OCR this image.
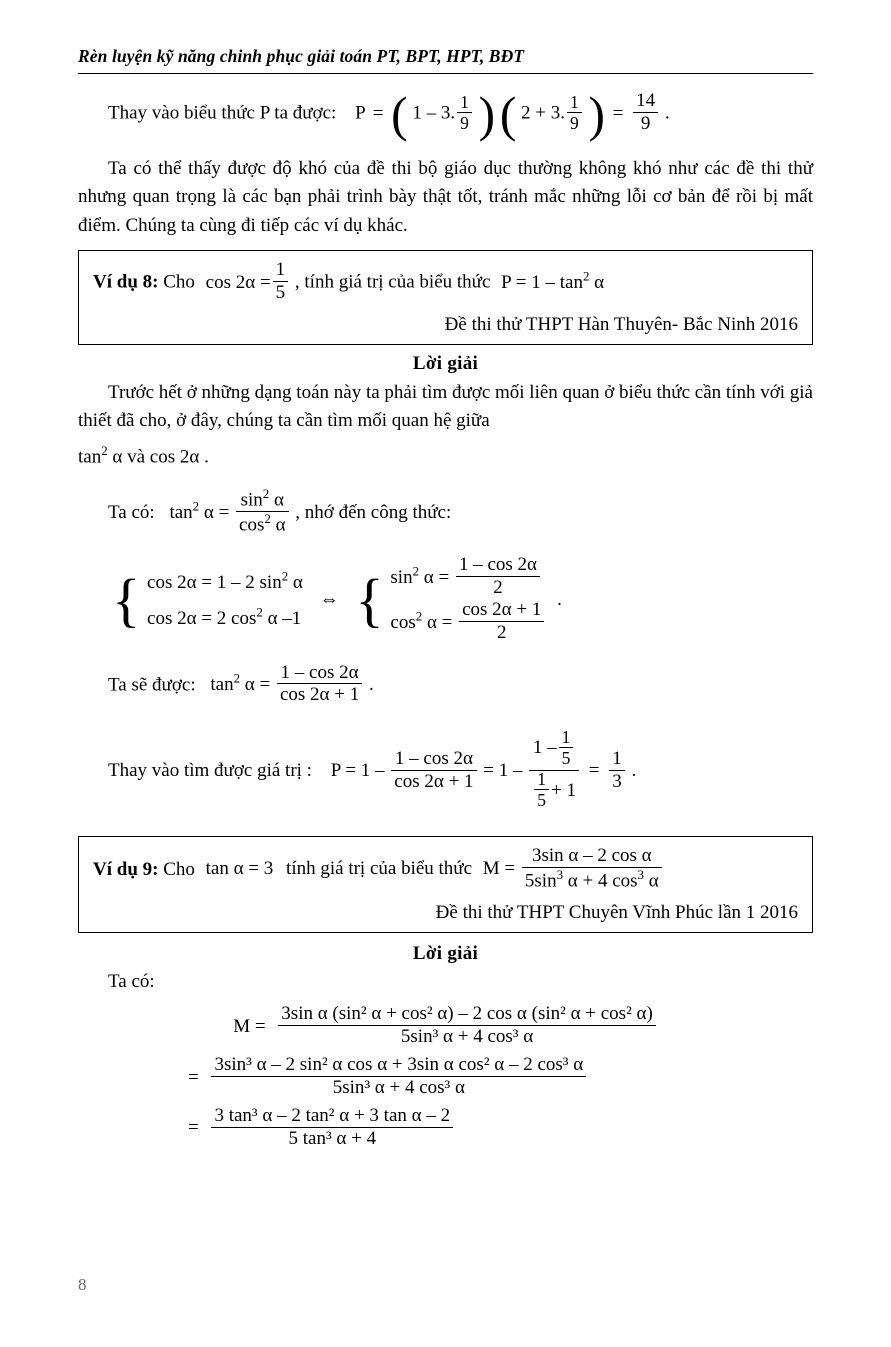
Rèn luyện kỹ năng chinh phục giải toán PT, BPT, HPT, BĐT
Thay vào biểu thức P ta được: P = ( 1 – 3. $\frac{1}{9}$ ) ( 2 + 3. $\frac{1}{9}$ ) = $\frac{14}{9}$ .

Ta có thể thấy được độ khó của đề thi bộ giáo dục thường không khó như các đề thi thử nhưng quan trọng là các bạn phải trình bày thật tốt, tránh mắc những lỗi cơ bản để rồi bị mất điểm. Chúng ta cùng đi tiếp các ví dụ khác.

Ví dụ 8: Cho $\cos 2\alpha = \frac{1}{5}$ , tính giá trị của biểu thức $P = 1 - \tan^2 \alpha$
Đề thi thử THPT Hàn Thuyên- Bắc Ninh 2016
Lời giải

Trước hết ở những dạng toán này ta phải tìm được mối liên quan ở biểu thức cần tính với giả thiết đã cho, ở đây, chúng ta cần tìm mối quan hệ giữa

$\tan^2 \alpha$ và cos 2α .
Ta có: $\tan^2 \alpha = \frac{\sin^2 \alpha}{\cos^2 \alpha}$ , nhớ đến công thức:
{ cos 2α = 1 – 2 $\sin^2 \alpha$
cos 2α = 2 $\cos^2 \alpha$ –1 ⇔ { $\sin^2 \alpha = \frac{1 - \cos 2\alpha}{2}$

$\cos^2 \alpha = \frac{\cos 2\alpha + 1}{2}$ .
Ta sẽ được: $\tan^2 \alpha = \frac{1 - \cos 2\alpha}{\cos 2\alpha + 1}$ .
Thay vào tìm được giá trị : $P = 1 - \frac{1 - \cos 2\alpha}{\cos 2\alpha + 1} = 1 - \frac{1 - \frac{1}{5}}{\frac{1}{5} + 1} = \frac{1}{3}$ .
Ví dụ 9: Cho tan α = 3 tính giá trị của biểu thức $M = \frac{\text{3sin α – 2 cos α}}{5\sin^3 \alpha + 4 \cos^3 \alpha}$
Đề thi thử THPT Chuyên Vĩnh Phúc lần 1 2016
Lời giải
Ta có:
$M = \frac{\text{3sin α (sin² α + cos² α) – 2 cos α (sin² α + cos² α)}}{\text{5sin³ α + 4 cos³ α}}$
= $\frac{\text{3sin³ α – 2 sin² α cos α + 3sin α cos² α – 2 cos³ α}}{\text{5sin³ α + 4 cos³ α}}$
= $\frac{\text{3 tan³ α – 2 tan² α + 3 tan α – 2}}{\text{5 tan³ α + 4}}$
8
